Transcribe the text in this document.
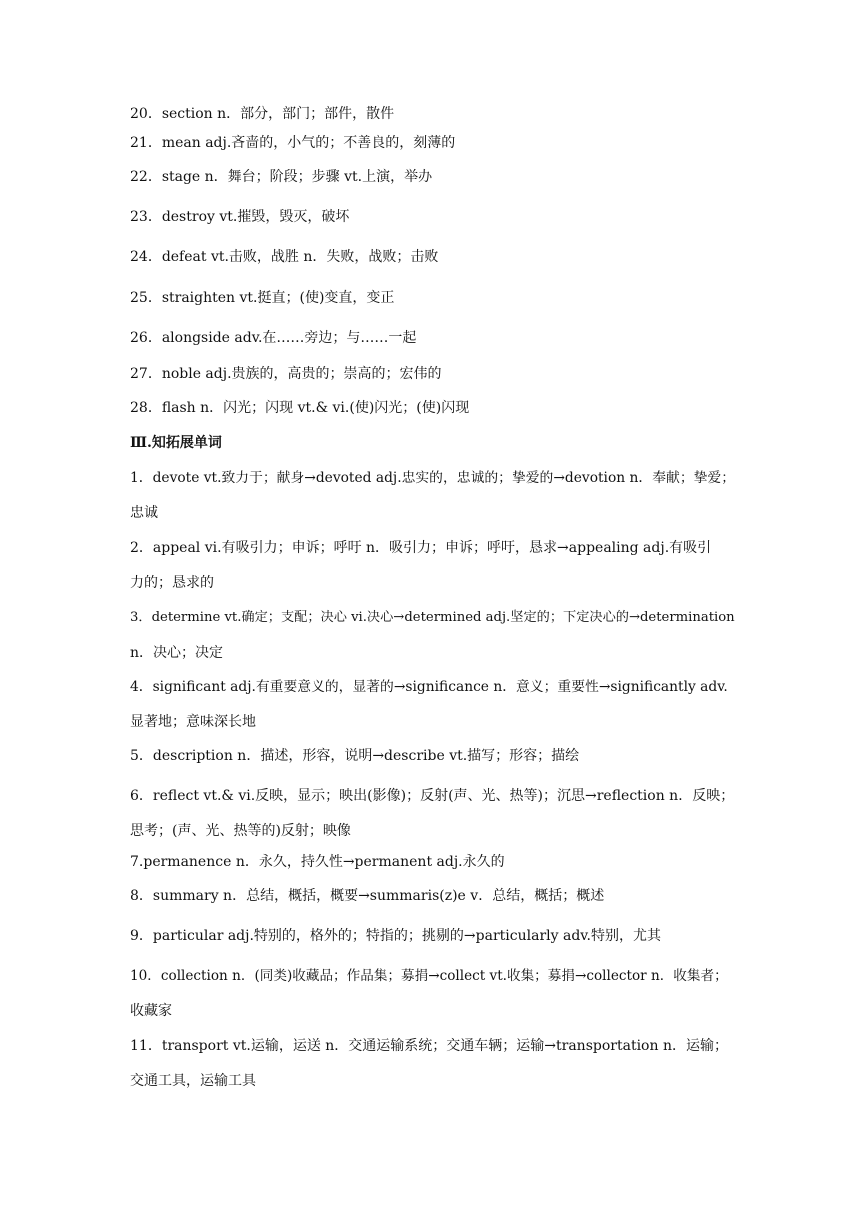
20．section n．部分，部门；部件，散件
21．mean adj.吝啬的，小气的；不善良的，刻薄的
22．stage n．舞台；阶段；步骤 vt.上演，举办
23．destroy vt.摧毁，毁灭，破坏
24．defeat vt.击败，战胜 n．失败，战败；击败
25．straighten vt.挺直；(使)变直，变正
26．alongside adv.在……旁边；与……一起
27．noble adj.贵族的，高贵的；崇高的；宏伟的
28．flash n．闪光；闪现 vt.& vi.(使)闪光；(使)闪现
Ⅲ.知拓展单词
1．devote vt.致力于；献身→devoted adj.忠实的，忠诚的；挚爱的→devotion n．奉献；挚爱；
忠诚
2．appeal vi.有吸引力；申诉；呼吁 n．吸引力；申诉；呼吁，恳求→appealing adj.有吸引
力的；恳求的
3．determine vt.确定；支配；决心 vi.决心→determined adj.坚定的；下定决心的→determination
n．决心；决定
4．significant adj.有重要意义的，显著的→significance n．意义；重要性→significantly adv.
显著地；意味深长地
5．description n．描述，形容，说明→describe vt.描写；形容；描绘
6．reflect vt.& vi.反映，显示；映出(影像)；反射(声、光、热等)；沉思→reflection n．反映；
思考；(声、光、热等的)反射；映像
7.permanence n．永久，持久性→permanent adj.永久的
8．summary n．总结，概括，概要→summaris(z)e v．总结，概括；概述
9．particular adj.特别的，格外的；特指的；挑剔的→particularly adv.特别，尤其
10．collection n．(同类)收藏品；作品集；募捐→collect vt.收集；募捐→collector n．收集者；
收藏家
11．transport vt.运输，运送 n．交通运输系统；交通车辆；运输→transportation n．运输；
交通工具，运输工具
